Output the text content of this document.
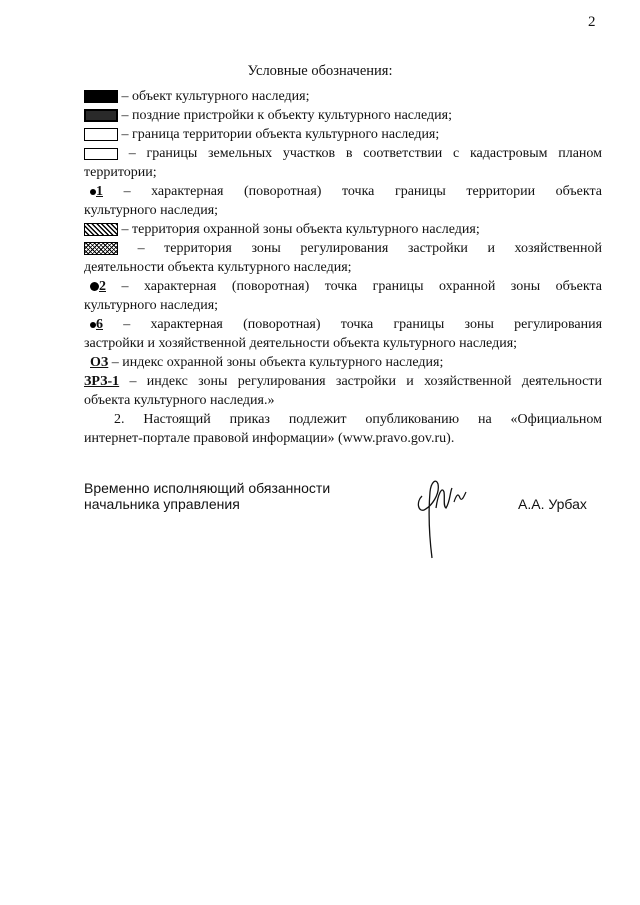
2
Условные обозначения:
– объект культурного наследия;
– поздние пристройки к объекту культурного наследия;
– граница территории объекта культурного наследия;
– границы земельных участков в соответствии с кадастровым планом
территории;
1 – характерная (поворотная) точка границы территории объекта
культурного наследия;
– территория охранной зоны объекта культурного наследия;
– территория зоны регулирования застройки и хозяйственной
деятельности объекта культурного наследия;
2 – характерная (поворотная) точка границы охранной зоны объекта
культурного наследия;
6 – характерная (поворотная) точка границы зоны регулирования
застройки и хозяйственной деятельности объекта культурного наследия;
ОЗ – индекс охранной зоны объекта культурного наследия;
ЗРЗ-1 – индекс зоны регулирования застройки и хозяйственной деятельности
объекта культурного наследия.»
2. Настоящий приказ подлежит опубликованию на «Официальном
интернет-портале правовой информации» (www.pravo.gov.ru).
Временно исполняющий обязанности
начальника управления	А.А. Урбах
